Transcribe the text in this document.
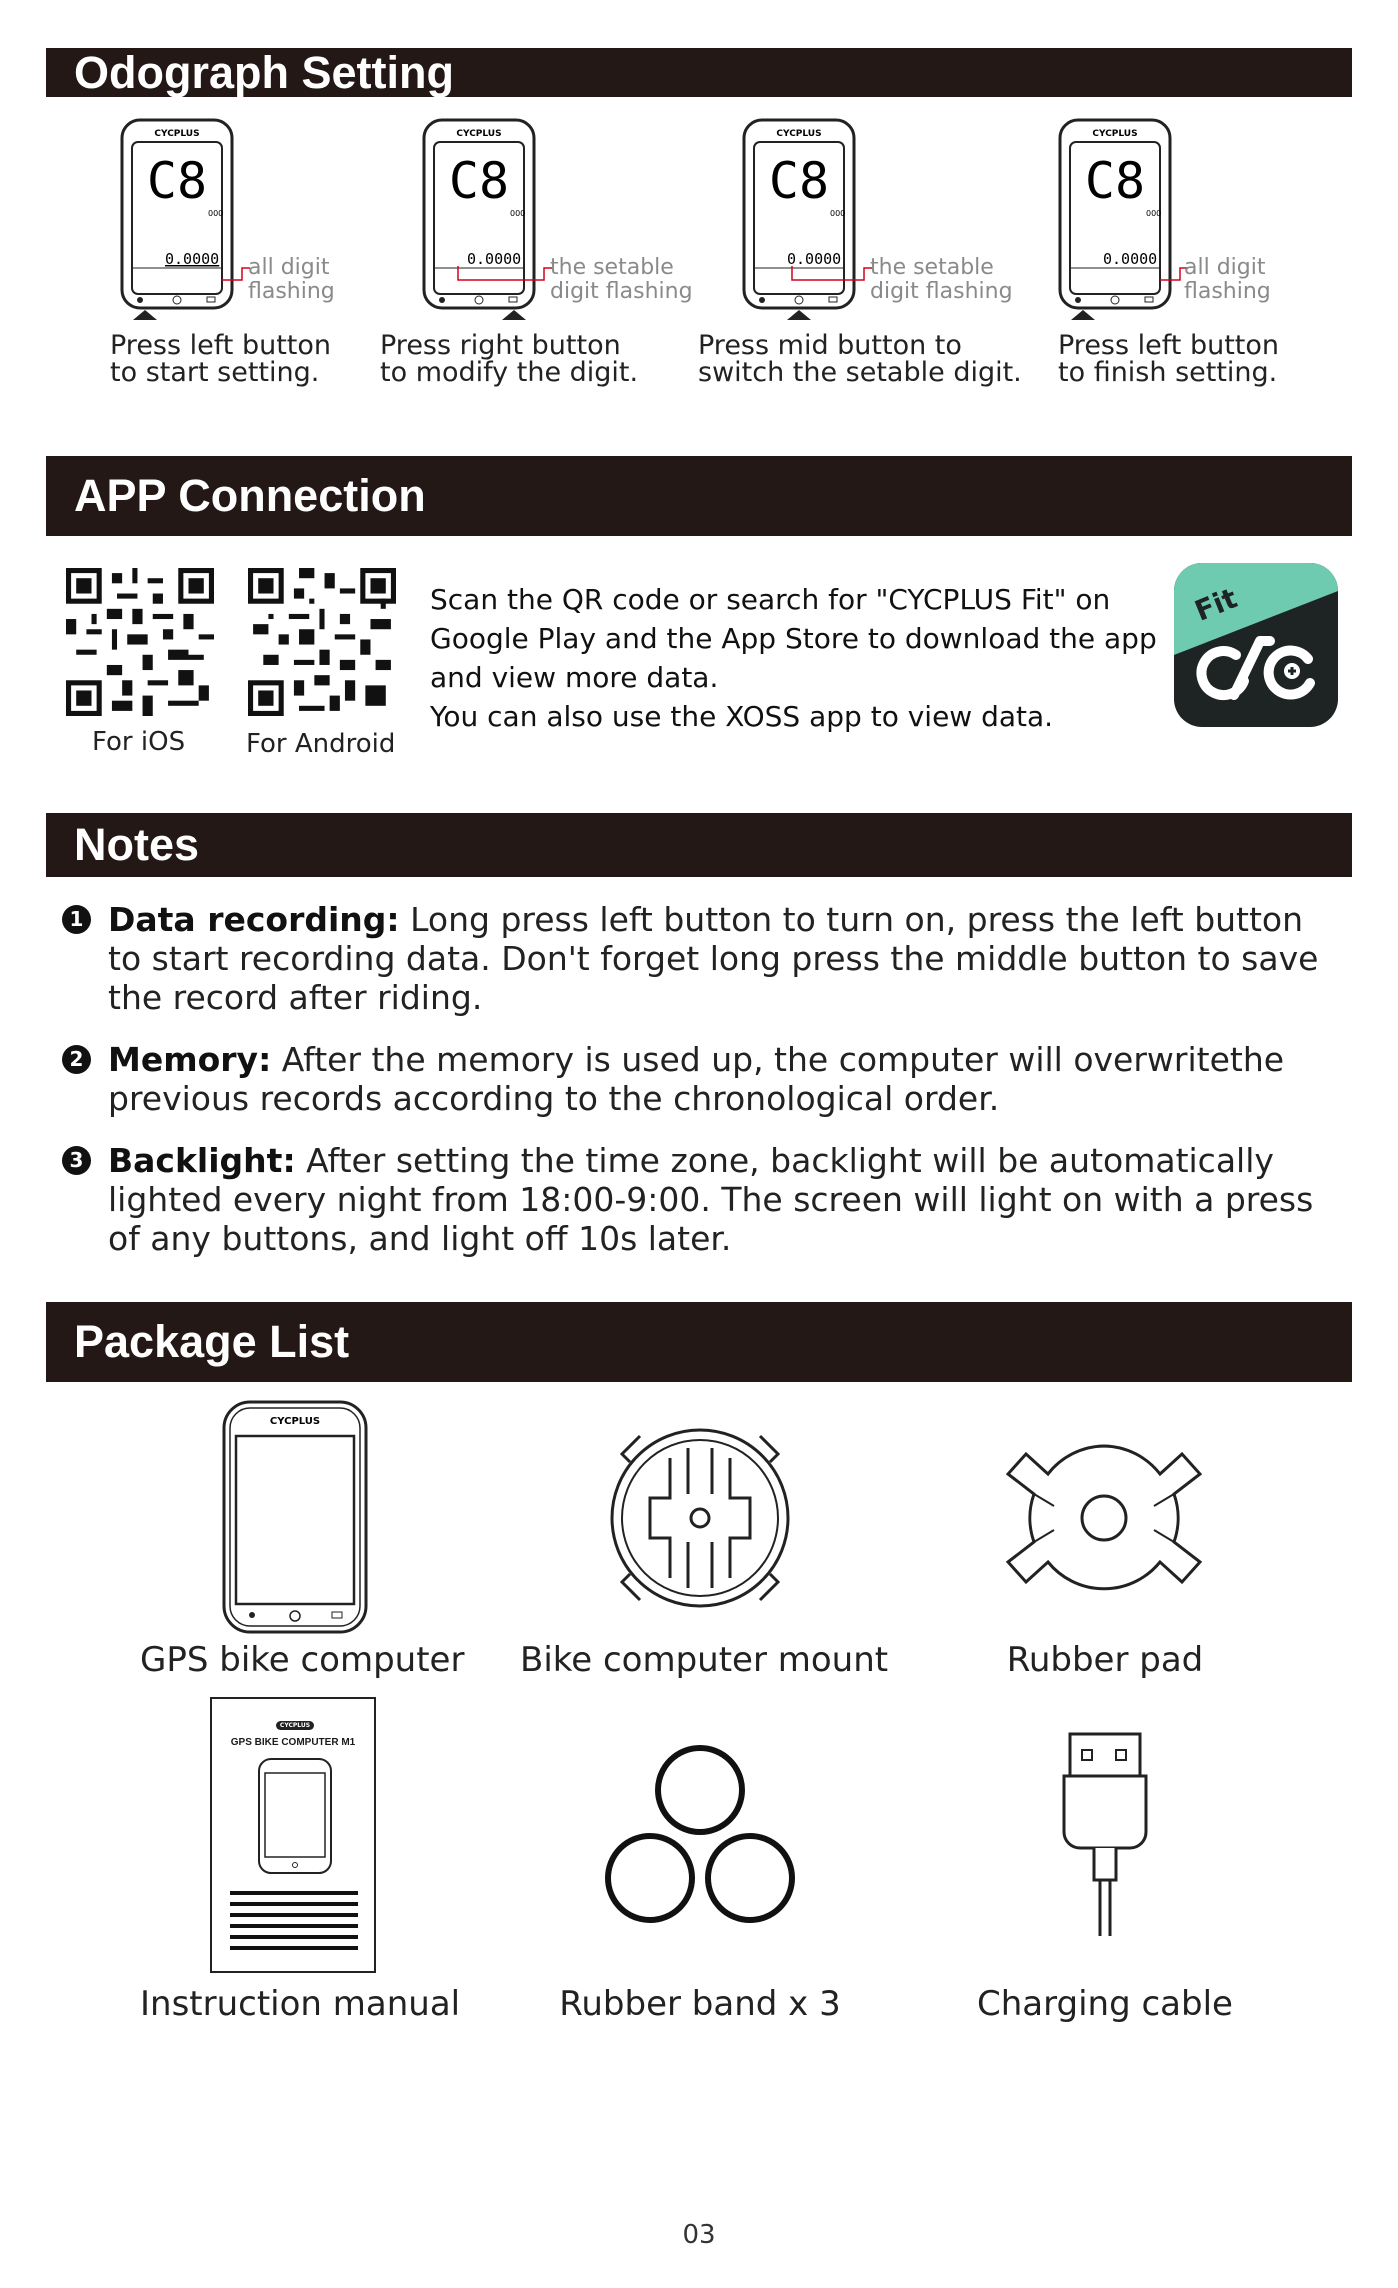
Odograph Setting
CYCPLUS
C8
000
0.0000 all digit
flashing
Press left button
to start setting.
CYCPLUS
C8
000
0.0000 the setable
digit flashing
Press right button
to modify the digit.
CYCPLUS
C8
000
0.0000 the setable
digit flashing
Press mid button to
switch the setable digit.
CYCPLUS
C8
000
0.0000 all digit
flashing
Press left button
to finish setting.
APP Connection
For iOS For Android
Scan the QR code or search for "CYCPLUS Fit" on
Google Play and the App Store to download the app
and view more data.
You can also use the XOSS app to view data.
Fit
Notes
1 Data recording: Long press left button to turn on, press the left button to start recording data. Don't forget long press the middle button to save the record after riding.
2 Memory: After the memory is used up, the computer will overwritethe previous records according to the chronological order.
3 Backlight: After setting the time zone, backlight will be automatically lighted every night from 18:00-9:00. The screen will light on with a press of any buttons, and light off 10s later.
Package List
CYCPLUS
GPS bike computer Bike computer mount	Rubber pad
CYCPLUS
GPS BIKE COMPUTER M1
Instruction manual	Rubber band x 3	Charging cable
03
